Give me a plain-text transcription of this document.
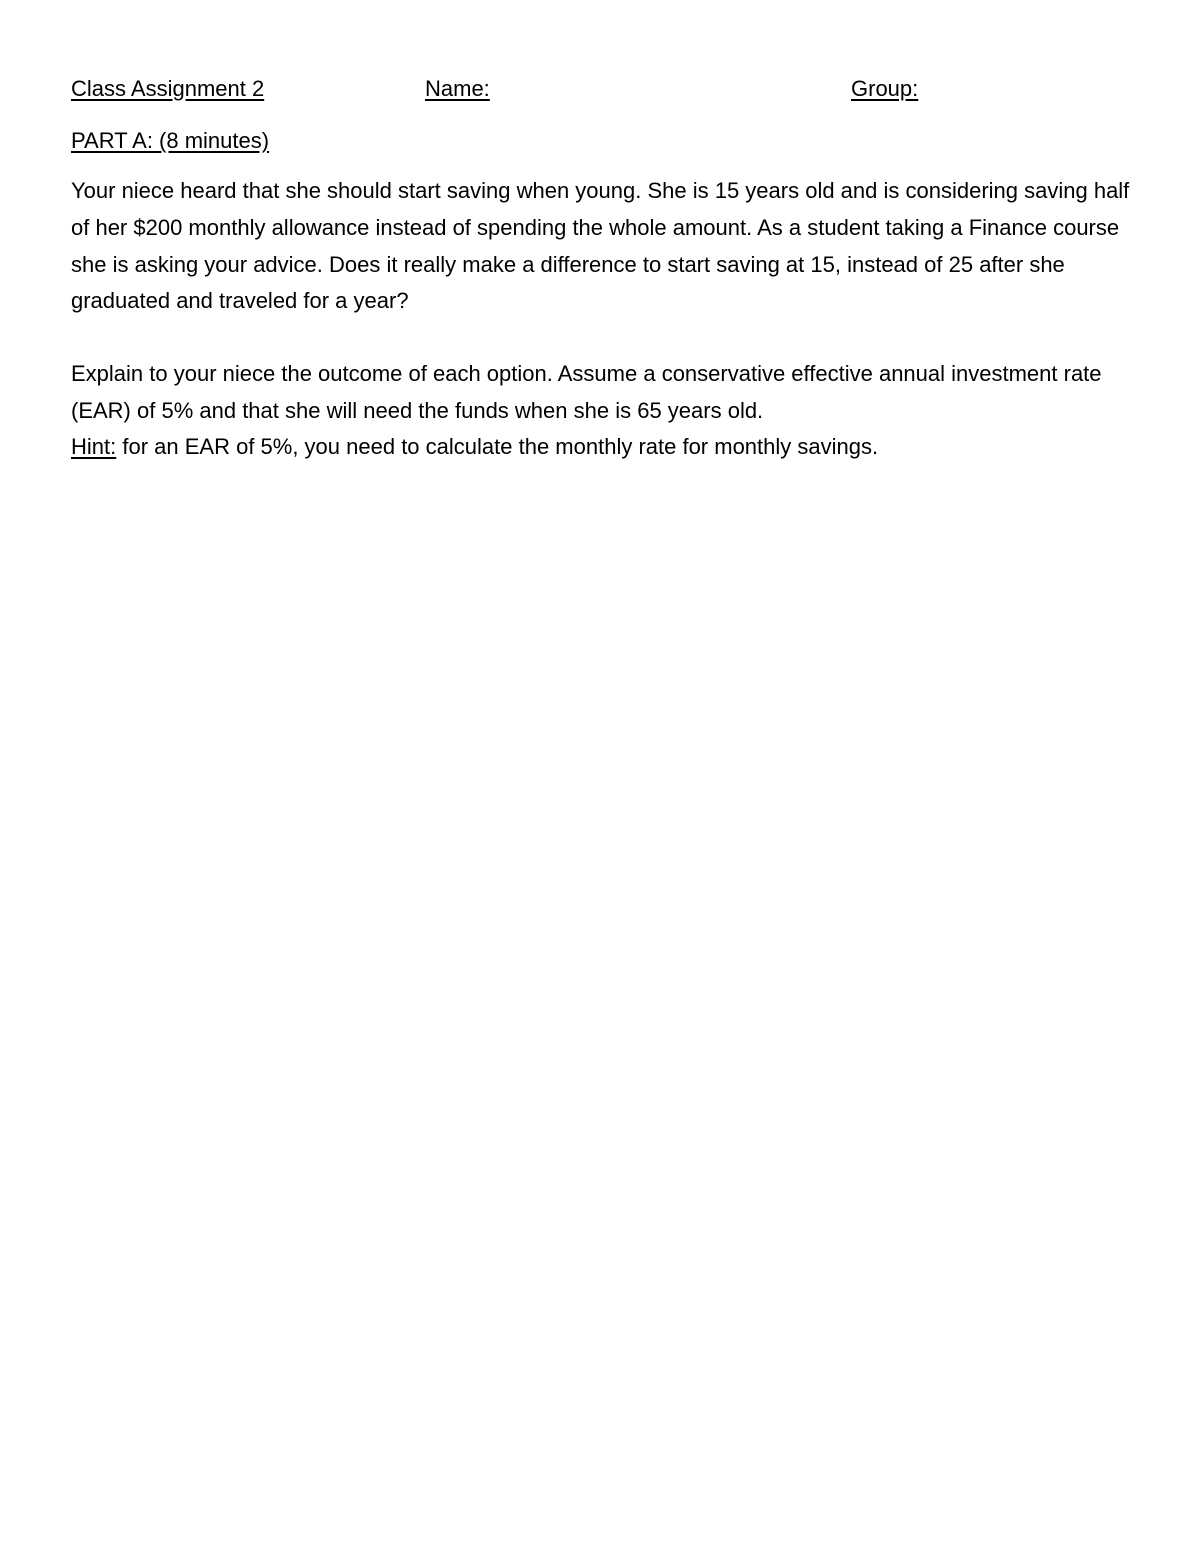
Class Assignment 2	Name:	Group:
PART A: (8 minutes)

Your niece heard that she should start saving when young. She is 15 years old and is considering saving half of her $200 monthly allowance instead of spending the whole amount. As a student taking a Finance course she is asking your advice. Does it really make a difference to start saving at 15, instead of 25 after she graduated and traveled for a year?

Explain to your niece the outcome of each option. Assume a conservative effective annual investment rate (EAR) of 5% and that she will need the funds when she is 65 years old.

Hint: for an EAR of 5%, you need to calculate the monthly rate for monthly savings.
